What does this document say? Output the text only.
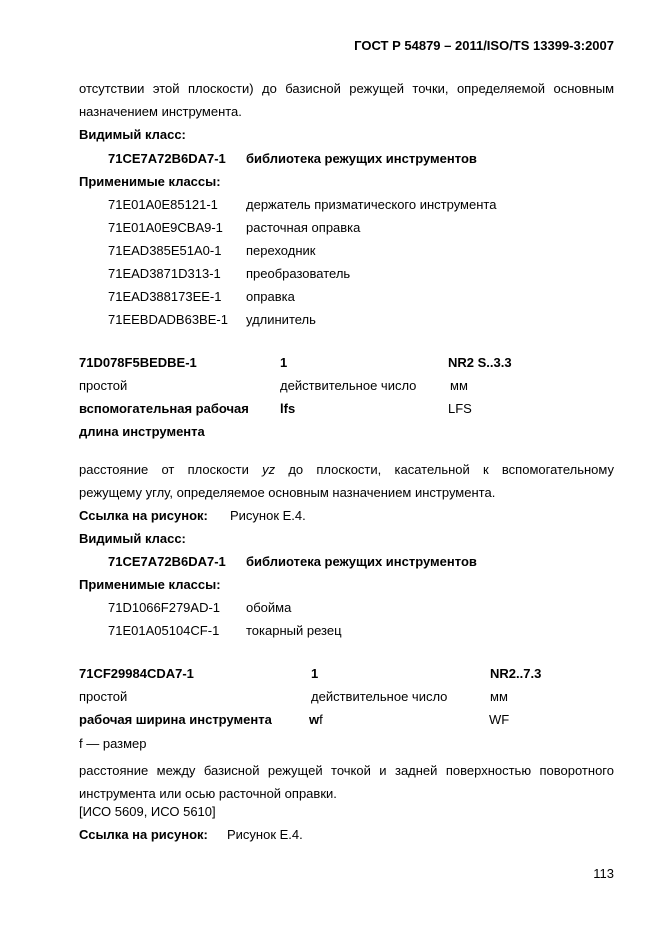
ГОСТ Р 54879 – 2011/ISO/TS 13399-3:2007
отсутствии этой плоскости) до базисной режущей точки, определяемой основным
назначением инструмента.
Видимый класс:
71CE7A72B6DA7-1 библиотека режущих инструментов
Применимые классы:
71E01A0E85121-1 держатель призматического инструмента
71E01A0E9CBA9-1 расточная оправка
71EAD385E51A0-1 переходник
71EAD3871D313-1 преобразователь
71EAD388173EE-1 оправка
71EEBDADB63BE-1 удлинитель
71D078F5BEDBE-1	1	NR2 S..3.3
простой	действительное число	мм
вспомогательная рабочая lfs	LFS
длина инструмента
расстояние от плоскости yz до плоскости, касательной к вспомогательному
режущему углу, определяемое основным назначением инструмента.
Ссылка на рисунок: Рисунок Е.4.
Видимый класс:
71CE7A72B6DA7-1 библиотека режущих инструментов
Применимые классы:
71D1066F279AD-1 обойма
71E01A05104CF-1 токарный резец
71CF29984CDA7-1	1	NR2..7.3
простой	действительное число	мм
рабочая ширина инструмента	wf	WF
f — размер
расстояние между базисной режущей точкой и задней поверхностью поворотного
инструмента или осью расточной оправки.
[ИСО 5609, ИСО 5610]
Ссылка на рисунок: Рисунок Е.4.
113
